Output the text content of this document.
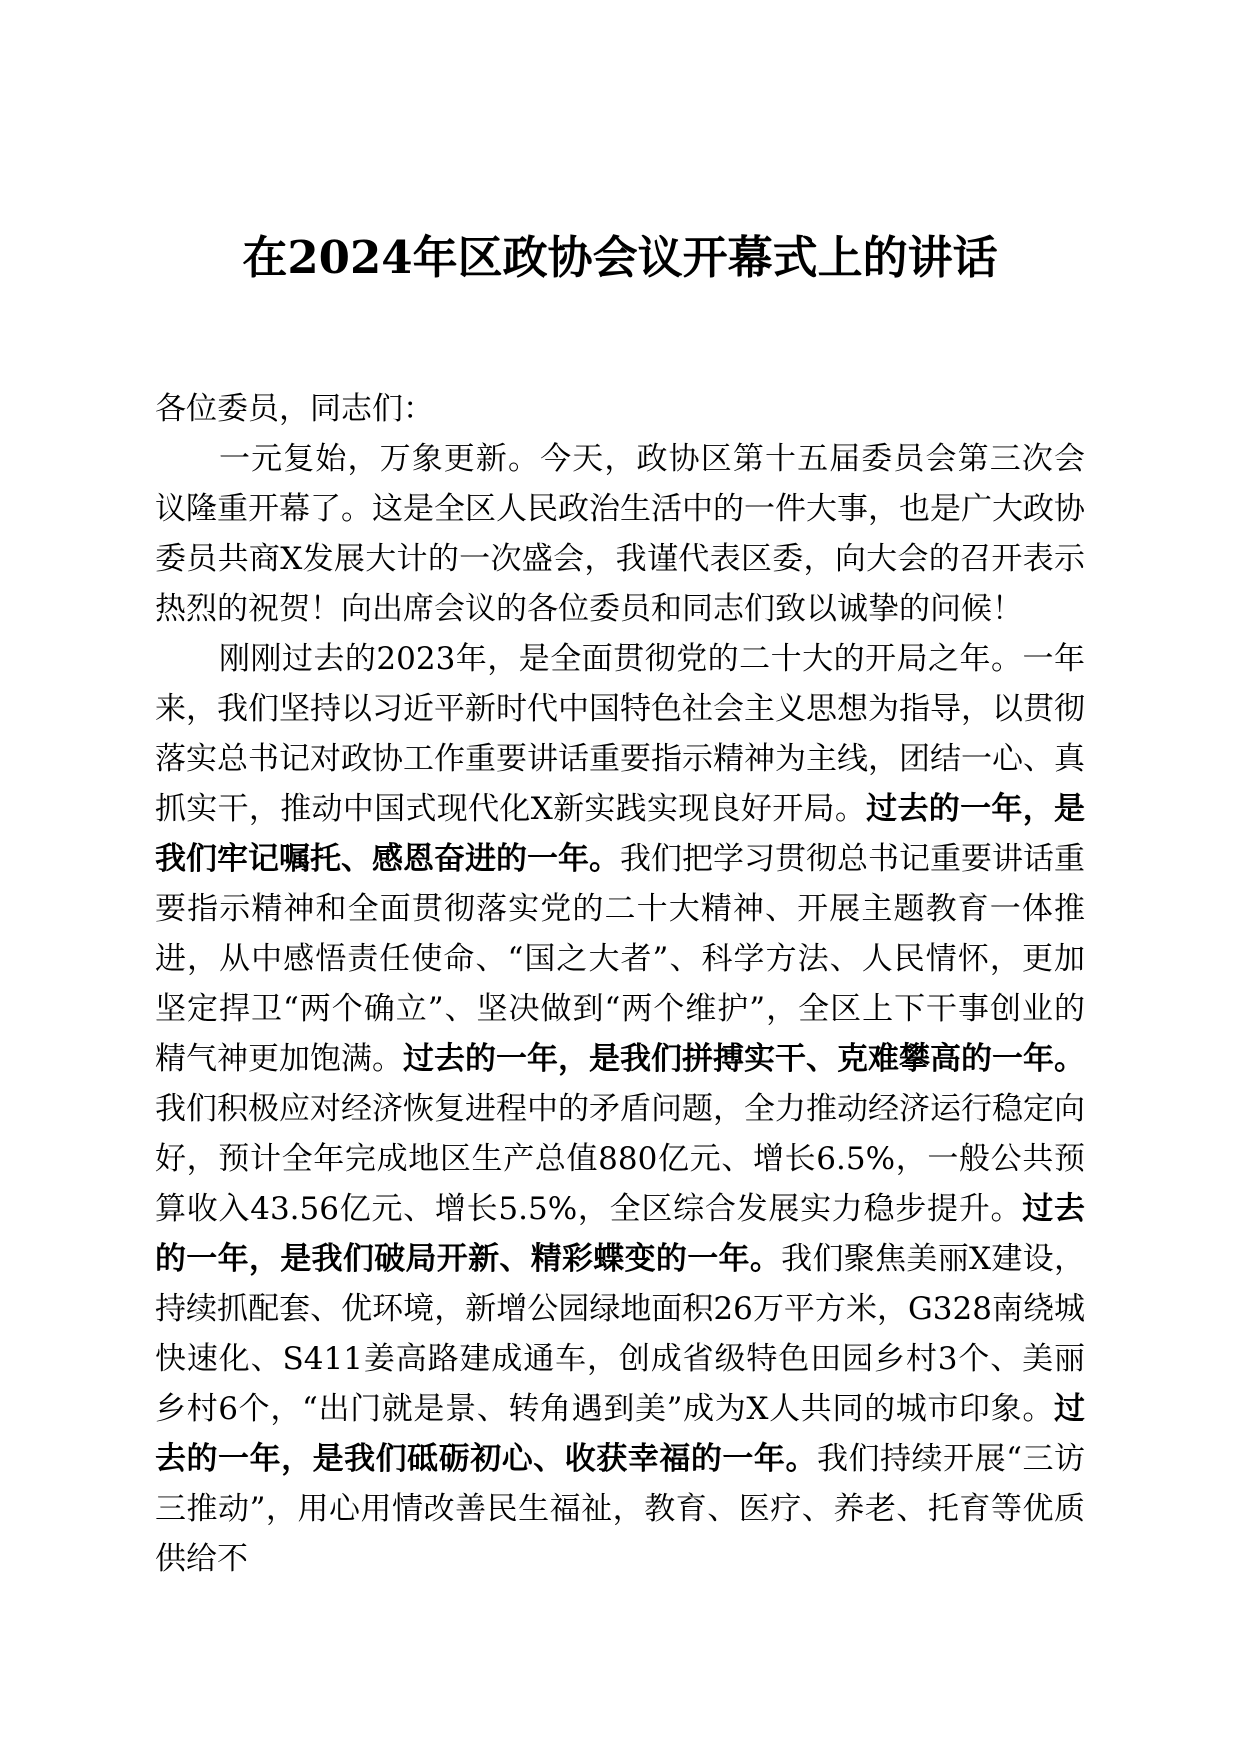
在2024年区政协会议开幕式上的讲话

各位委员，同志们：

一元复始，万象更新。今天，政协区第十五届委员会第三次会议隆重开幕了。这是全区人民政治生活中的一件大事，也是广大政协委员共商X发展大计的一次盛会，我谨代表区委，向大会的召开表示热烈的祝贺！向出席会议的各位委员和同志们致以诚挚的问候！

刚刚过去的2023年，是全面贯彻党的二十大的开局之年。一年来，我们坚持以习近平新时代中国特色社会主义思想为指导，以贯彻落实总书记对政协工作重要讲话重要指示精神为主线，团结一心、真抓实干，推动中国式现代化X新实践实现良好开局。过去的一年，是我们牢记嘱托、感恩奋进的一年。我们把学习贯彻总书记重要讲话重要指示精神和全面贯彻落实党的二十大精神、开展主题教育一体推进，从中感悟责任使命、“国之大者”、科学方法、人民情怀，更加坚定捍卫“两个确立”、坚决做到“两个维护”，全区上下干事创业的精气神更加饱满。过去的一年，是我们拼搏实干、克难攀高的一年。我们积极应对经济恢复进程中的矛盾问题，全力推动经济运行稳定向好，预计全年完成地区生产总值880亿元、增长6.5%，一般公共预算收入43.56亿元、增长5.5%，全区综合发展实力稳步提升。过去的一年，是我们破局开新、精彩蝶变的一年。我们聚焦美丽X建设，持续抓配套、优环境，新增公园绿地面积26万平方米，G328南绕城快速化、S411姜高路建成通车，创成省级特色田园乡村3个、美丽乡村6个，“出门就是景、转角遇到美”成为X人共同的城市印象。过去的一年，是我们砥砺初心、收获幸福的一年。我们持续开展“三访三推动”，用心用情改善民生福祉，教育、医疗、养老、托育等优质供给不
